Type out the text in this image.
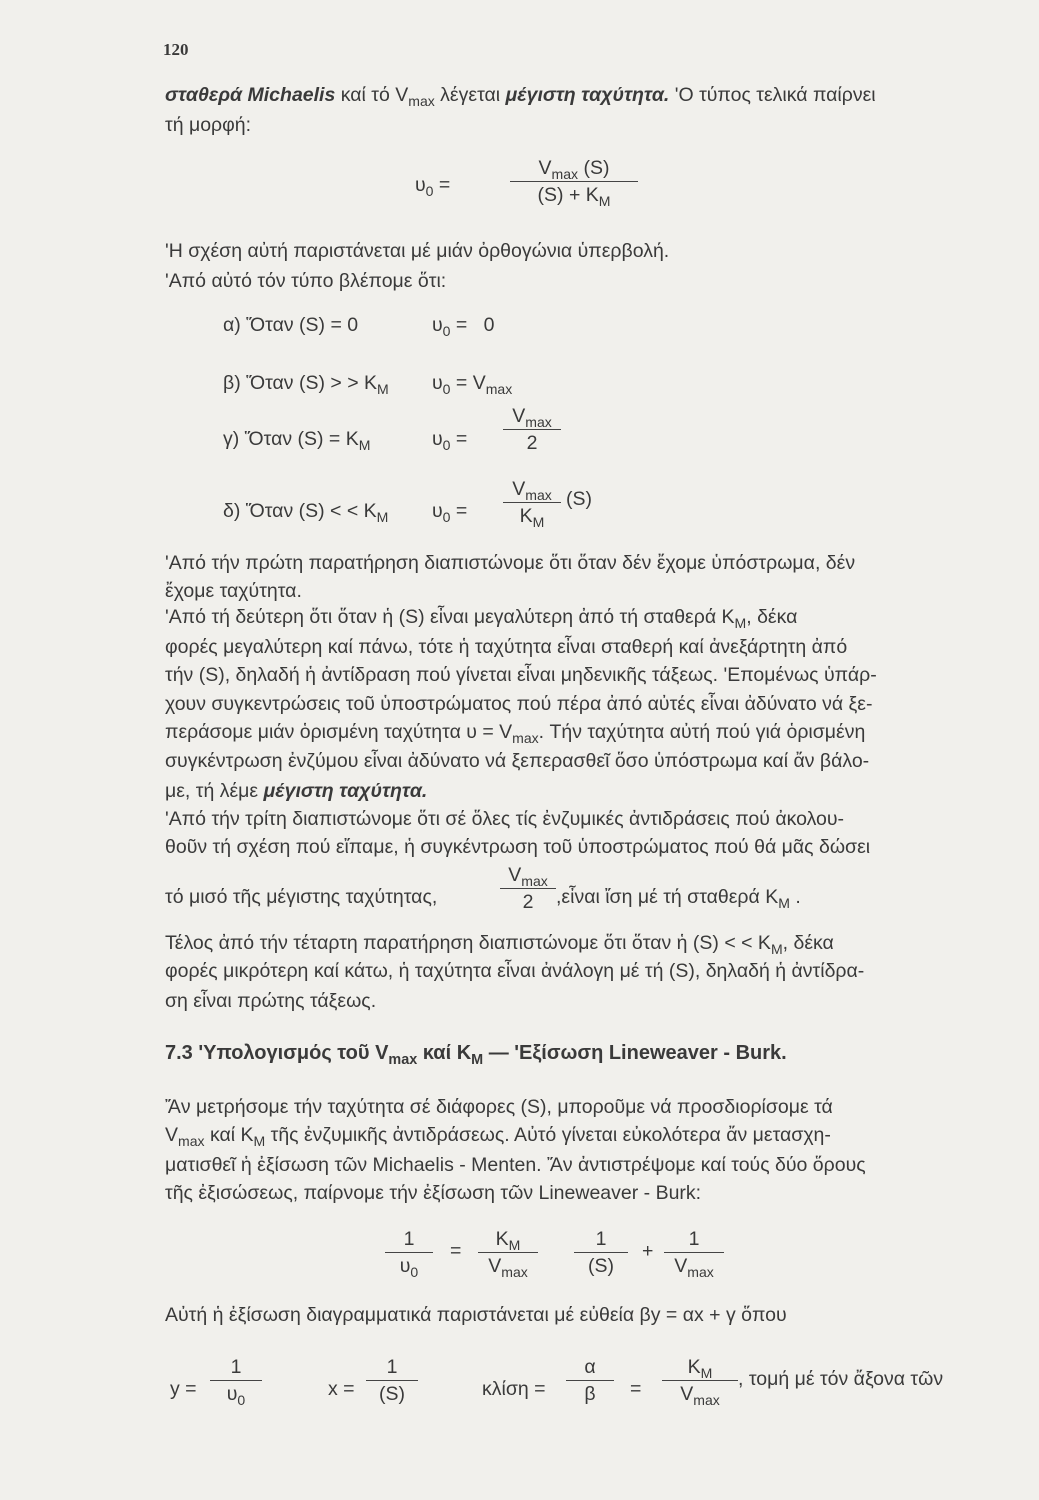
120
σταθερά Michaelis καί τό $V_{max}$ λέγεται μέγιστη ταχύτητα. 'Ο τύπος τελικά παίρνει
τή μορφή:
$\upsilon_0$ =
$V_{max}$ (S)
$(S) + K_M$
'Η σχέση αὐτή παριστάνεται μέ μιάν ὀρθογώνια ὑπερβολή.
'Από αὐτό τόν τύπο βλέπομε ὅτι:
α) Ὅταν (S) = 0	$\upsilon_0 = 0$
β) Ὅταν (S) > > $K_M$ $\upsilon_0 = V_{max}$
γ) Ὅταν $(S) = K_M$	$\upsilon_0$ =
$V_{max}$
2
δ) Ὅταν (S) < < $K_M$ $\upsilon_0$ =
$V_{max}$
$K_M$
(S)
'Από τήν πρώτη παρατήρηση διαπιστώνομε ὅτι ὅταν δέν ἔχομε ὑπόστρωμα, δέν
ἔχομε ταχύτητα.
'Από τή δεύτερη ὅτι ὅταν ἡ (S) εἶναι μεγαλύτερη ἀπό τή σταθερά $K_M$, δέκα
φορές μεγαλύτερη καί πάνω, τότε ἡ ταχύτητα εἶναι σταθερή καί ἀνεξάρτητη ἀπό
τήν (S), δηλαδή ἡ ἀντίδραση πού γίνεται εἶναι μηδενικῆς τάξεως. 'Επομένως ὑπάρ-
χουν συγκεντρώσεις τοῦ ὑποστρώματος πού πέρα ἀπό αὐτές εἶναι ἀδύνατο νά ξε-
περάσομε μιάν ὁρισμένη ταχύτητα $\upsilon = V_{max}$. Τήν ταχύτητα αὐτή πού γιά ὁρισμένη
συγκέντρωση ἐνζύμου εἶναι ἀδύνατο νά ξεπερασθεῖ ὅσο ὑπόστρωμα καί ἄν βάλο-
με, τή λέμε μέγιστη ταχύτητα.
'Από τήν τρίτη διαπιστώνομε ὅτι σέ ὅλες τίς ἐνζυμικές ἀντιδράσεις πού ἀκολου-
θοῦν τή σχέση πού εἴπαμε, ἡ συγκέντρωση τοῦ ὑποστρώματος πού θά μᾶς δώσει
τό μισό τῆς μέγιστης ταχύτητας,
$V_{max}$
2	,εἶναι ἴση μέ τή σταθερά $K_M$ .
Τέλος ἀπό τήν τέταρτη παρατήρηση διαπιστώνομε ὅτι ὅταν ἡ (S) < < $K_M$, δέκα
φορές μικρότερη καί κάτω, ἡ ταχύτητα εἶναι ἀνάλογη μέ τή (S), δηλαδή ἡ ἀντίδρα-
ση εἶναι πρώτης τάξεως.
7.3 'Υπολογισμός τοῦ $V_{max}$ καί $K_M$ — 'Εξίσωση Lineweaver - Burk.
Ἄν μετρήσομε τήν ταχύτητα σέ διάφορες (S), μποροῦμε νά προσδιορίσομε τά
$V_{max}$ καί $K_M$ τῆς ἐνζυμικῆς ἀντιδράσεως. Αὐτό γίνεται εὐκολότερα ἄν μετασχη-
ματισθεῖ ἡ ἐξίσωση τῶν Michaelis - Menten. Ἄν ἀντιστρέψομε καί τούς δύο ὅρους
τῆς ἐξισώσεως, παίρνομε τήν ἐξίσωση τῶν Lineweaver - Burk:
1
$\upsilon_0$
=
$K_M$
$V_{max}$
1
(S)
+
1
$V_{max}$
Αὐτή ἡ ἐξίσωση διαγραμματικά παριστάνεται μέ εὐθεία βy = αx + γ ὅπου
y =
1
$\upsilon_0$	x =
1
(S)	κλίση =
α
β	=
$K_M$
$V_{max}$
, τομή μέ τόν ἄξονα τῶν
